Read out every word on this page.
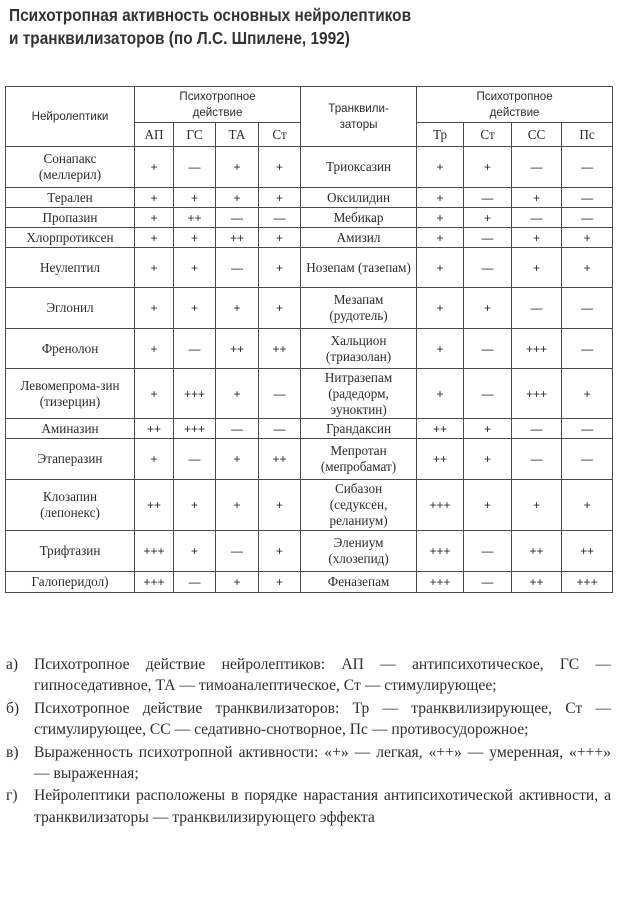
Психотропная активность основных нейролептиков
и транквилизаторов (по Л.С. Шпилене, 1992)
Нейролептики	Психотропное действие				Транквили-заторы	Психотропное действие			
	АП	ГС	ТА	Ст		Тр	Ст	СС	Пс
Сонапакс (меллерил)	+	—	+	+	Триоксазин	+	+	—	—
Терален	+	+	+	+	Оксилидин	+	—	+	—
Пропазин	+	++	—	—	Мебикар	+	+	—	—
Хлорпротиксен	+	+	++	+	Амизил	+	—	+	+
Неулептил	+	+	—	+	Нозепам (тазепам)	+	—	+	+
Эглонил	+	+	+	+	Мезапам (рудотель)	+	+	—	—
Френолон	+	—	++	++	Хальцион (триазолан)	+	—	+++	—
Левомепрома-зин (тизерцин)	+	+++	+	—	Нитразепам (радедорм, эуноктин)	+	—	+++	+
Аминазин	++	+++	—	—	Грандаксин	++	+	—	—
Этаперазин	+	—	+	++	Мепротан (мепробамат)	++	+	—	—
Клозапин (лепонекс)	++	+	+	+	Сибазон (седуксен, реланиум)	+++	+	+	+
Трифтазин	+++	+	—	+	Элениум (хлозепид)	+++	—	++	++
Галоперидол)	+++	—	+	+	Феназепам	+++	—	++	+++
а)	Психотропное действие нейролептиков: АП — антипсихотическое, ГС — гипноседативное, ТА — тимоаналептическое, Ст — стимулирующее;
б) Психотропное действие транквилизаторов: Тр — транквилизирующее, Ст — стимулирующее, СС — седативно-снотворное, Пс — противосудорожное;
в) Выраженность психотропной активности: «+» — легкая, «++» — умеренная, «+++» — выраженная;
г)	Нейролептики расположены в порядке нарастания антипсихотической активности, а транквилизаторы — транквилизирующего эффекта
